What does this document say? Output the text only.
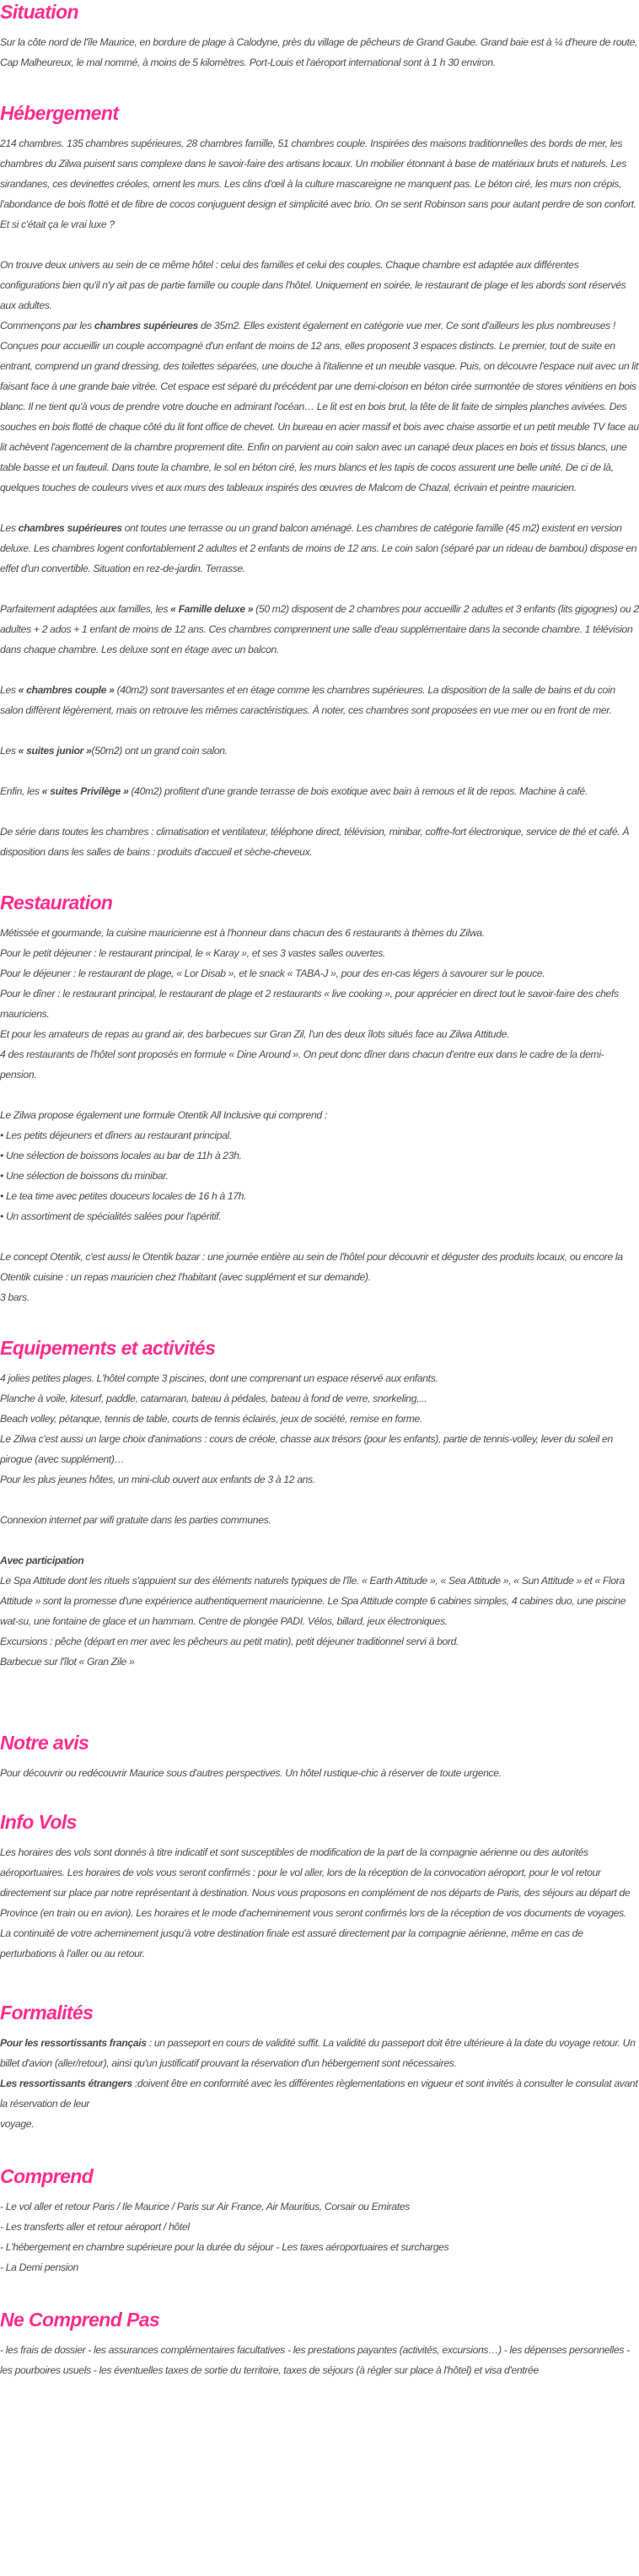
Situation

Sur la côte nord de l'île Maurice, en bordure de plage à Calodyne, près du village de pêcheurs de Grand Gaube. Grand baie est à ¼ d'heure de route, Cap Malheureux, le mal nommé, à moins de 5 kilomètres. Port-Louis et l'aéroport international sont à 1 h 30 environ.

Hébergement

214 chambres. 135 chambres supérieures, 28 chambres famille, 51 chambres couple. Inspirées des maisons traditionnelles des bords de mer, les chambres du Zilwa puisent sans complexe dans le savoir-faire des artisans locaux. Un mobilier étonnant à base de matériaux bruts et naturels. Les sirandanes, ces devinettes créoles, ornent les murs. Les clins d'œil à la culture mascareigne ne manquent pas. Le béton ciré, les murs non crépis, l'abondance de bois flotté et de fibre de cocos conjuguent design et simplicité avec brio. On se sent Robinson sans pour autant perdre de son confort. Et si c'était ça le vrai luxe ?

On trouve deux univers au sein de ce même hôtel : celui des familles et celui des couples. Chaque chambre est adaptée aux différentes configurations bien qu'il n'y ait pas de partie famille ou couple dans l'hôtel. Uniquement en soirée, le restaurant de plage et les abords sont réservés aux adultes.

Commençons par les chambres supérieures de 35m2. Elles existent également en catégorie vue mer. Ce sont d'ailleurs les plus nombreuses ! Conçues pour accueillir un couple accompagné d'un enfant de moins de 12 ans, elles proposent 3 espaces distincts. Le premier, tout de suite en entrant, comprend un grand dressing, des toilettes séparées, une douche à l'italienne et un meuble vasque. Puis, on découvre l'espace nuit avec un lit faisant face à une grande baie vitrée. Cet espace est séparé du précédent par une demi-cloison en béton cirée surmontée de stores vénitiens en bois blanc. Il ne tient qu'à vous de prendre votre douche en admirant l'océan… Le lit est en bois brut, la tête de lit faite de simples planches avivées. Des souches en bois flotté de chaque côté du lit font office de chevet. Un bureau en acier massif et bois avec chaise assortie et un petit meuble TV face au lit achèvent l'agencement de la chambre proprement dite. Enfin on parvient au coin salon avec un canapé deux places en bois et tissus blancs, une table basse et un fauteuil. Dans toute la chambre, le sol en béton ciré, les murs blancs et les tapis de cocos assurent une belle unité. De ci de là, quelques touches de couleurs vives et aux murs des tableaux inspirés des œuvres de Malcom de Chazal, écrivain et peintre mauricien.

Les chambres supérieures ont toutes une terrasse ou un grand balcon aménagé. Les chambres de catégorie famille (45 m2) existent en version deluxe. Les chambres logent confortablement 2 adultes et 2 enfants de moins de 12 ans. Le coin salon (séparé par un rideau de bambou) dispose en effet d'un convertible. Situation en rez-de-jardin. Terrasse.

Parfaitement adaptées aux familles, les « Famille deluxe » (50 m2) disposent de 2 chambres pour accueillir 2 adultes et 3 enfants (lits gigognes) ou 2 adultes + 2 ados + 1 enfant de moins de 12 ans. Ces chambres comprennent une salle d'eau supplémentaire dans la seconde chambre. 1 télévision dans chaque chambre. Les deluxe sont en étage avec un balcon.

Les « chambres couple » (40m2) sont traversantes et en étage comme les chambres supérieures. La disposition de la salle de bains et du coin salon diffèrent légèrement, mais on retrouve les mêmes caractéristiques. À noter, ces chambres sont proposées en vue mer ou en front de mer.

Les « suites junior »(50m2) ont un grand coin salon.

Enfin, les « suites Privilège » (40m2) profitent d'une grande terrasse de bois exotique avec bain à remous et lit de repos. Machine à café.

De série dans toutes les chambres : climatisation et ventilateur, téléphone direct, télévision, minibar, coffre-fort électronique, service de thé et café. À disposition dans les salles de bains : produits d'accueil et sèche-cheveux.

Restauration

Métissée et gourmande, la cuisine mauricienne est à l'honneur dans chacun des 6 restaurants à thèmes du Zilwa.
Pour le petit déjeuner : le restaurant principal, le « Karay », et ses 3 vastes salles ouvertes.
Pour le déjeuner : le restaurant de plage, « Lor Disab », et le snack « TABA-J », pour des en-cas légers à savourer sur le pouce.
Pour le dîner : le restaurant principal, le restaurant de plage et 2 restaurants « live cooking », pour apprécier en direct tout le savoir-faire des chefs mauriciens.
Et pour les amateurs de repas au grand air, des barbecues sur Gran Zil, l'un des deux îlots situés face au Zilwa Attitude.
4 des restaurants de l'hôtel sont proposés en formule « Dine Around ». On peut donc dîner dans chacun d'entre eux dans le cadre de la demi-pension.

Le Zilwa propose également une formule Otentik All Inclusive qui comprend :
• Les petits déjeuners et dîners au restaurant principal.
• Une sélection de boissons locales au bar de 11h à 23h.
• Une sélection de boissons du minibar.
• Le tea time avec petites douceurs locales de 16 h à 17h.
• Un assortiment de spécialités salées pour l'apéritif.

Le concept Otentik, c'est aussi le Otentik bazar : une journée entière au sein de l'hôtel pour découvrir et déguster des produits locaux, ou encore la Otentik cuisine : un repas mauricien chez l'habitant (avec supplément et sur demande).
3 bars.

Equipements et activités

4 jolies petites plages. L'hôtel compte 3 piscines, dont une comprenant un espace réservé aux enfants.
Planche à voile, kitesurf, paddle, catamaran, bateau à pédales, bateau à fond de verre, snorkeling,...
Beach volley, pétanque, tennis de table, courts de tennis éclairés, jeux de société, remise en forme.
Le Zilwa c'est aussi un large choix d'animations : cours de créole, chasse aux trésors (pour les enfants), partie de tennis-volley, lever du soleil en pirogue (avec supplément)…
Pour les plus jeunes hôtes, un mini-club ouvert aux enfants de 3 à 12 ans.

Connexion internet par wifi gratuite dans les parties communes.

Avec participation
Le Spa Attitude dont les rituels s'appuient sur des éléments naturels typiques de l'île. « Earth Attitude », « Sea Attitude », « Sun Attitude » et « Flora Attitude » sont la promesse d'une expérience authentiquement mauricienne. Le Spa Attitude compte 6 cabines simples, 4 cabines duo, une piscine wat-su, une fontaine de glace et un hammam. Centre de plongée PADI. Vélos, billard, jeux électroniques.
Excursions : pêche (départ en mer avec les pêcheurs au petit matin), petit déjeuner traditionnel servi à bord.
Barbecue sur l'îlot « Gran Zile »

Notre avis

Pour découvrir ou redécouvrir Maurice sous d'autres perspectives. Un hôtel rustique-chic à réserver de toute urgence.

Info Vols

Les horaires des vols sont donnés à titre indicatif et sont susceptibles de modification de la part de la compagnie aérienne ou des autorités aéroportuaires. Les horaires de vols vous seront confirmés : pour le vol aller, lors de la réception de la convocation aéroport, pour le vol retour directement sur place par notre représentant à destination. Nous vous proposons en complément de nos départs de Paris, des séjours au départ de Province (en train ou en avion). Les horaires et le mode d'acheminement vous seront confirmés lors de la réception de vos documents de voyages. La continuité de votre acheminement jusqu'à votre destination finale est assuré directement par la compagnie aérienne, même en cas de perturbations à l'aller ou au retour.

Formalités

Pour les ressortissants français : un passeport en cours de validité suffit. La validité du passeport doit être ultérieure à la date du voyage retour. Un billet d'avion (aller/retour), ainsi qu'un justificatif prouvant la réservation d'un hébergement sont nécessaires.
Les ressortissants étrangers :doivent être en conformité avec les différentes règlementations en vigueur et sont invités à consulter le consulat avant la réservation de leur
voyage.

Comprend

- Le vol aller et retour Paris / Ile Maurice / Paris sur Air France, Air Mauritius, Corsair ou Emirates
- Les transferts aller et retour aéroport / hôtel
- L'hébergement en chambre supérieure pour la durée du séjour - Les taxes aéroportuaires et surcharges
- La Demi pension

Ne Comprend Pas

- les frais de dossier - les assurances complémentaires facultatives - les prestations payantes (activités, excursions…) - les dépenses personnelles - les pourboires usuels - les éventuelles taxes de sortie du territoire, taxes de séjours (à régler sur place à l'hôtel) et visa d'entrée
